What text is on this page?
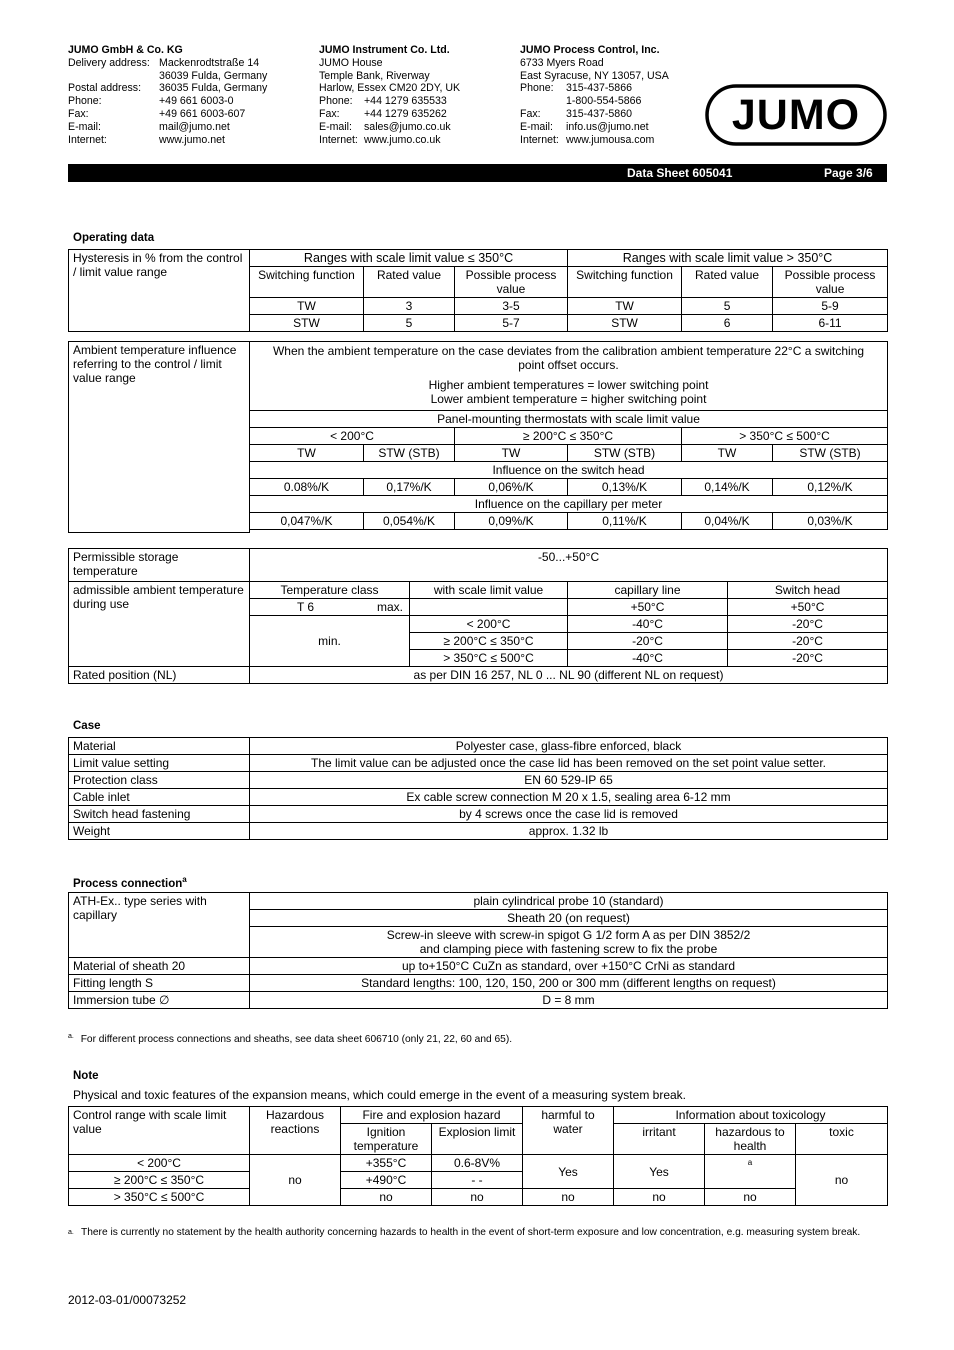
JUMO GmbH & Co. KG
Delivery address: Mackenrodtstraße 14
36039 Fulda, Germany
Postal address: 36035 Fulda, Germany
Phone:	+49 661 6003-0
Fax:	+49 661 6003-607
E-mail:	mail@jumo.net
Internet:	www.jumo.net
JUMO Instrument Co. Ltd.
JUMO House
Temple Bank, Riverway
Harlow, Essex CM20 2DY, UK
Phone: +44 1279 635533
Fax: +44 1279 635262
E-mail: sales@jumo.co.uk
Internet: www.jumo.co.uk
JUMO Process Control, Inc.
6733 Myers Road
East Syracuse, NY 13057, USA
Phone: 315-437-5866
1-800-554-5866
Fax: 315-437-5860
E-mail: info.us@jumo.net
Internet: www.jumousa.com
JUMO
Data Sheet 605041	Page 3/6
Operating data
Hysteresis in % from the control / limit value range	Ranges with scale limit value ≤ 350°C			Ranges with scale limit value > 350°C		
	Switching function	Rated value	Possible process value	Switching function	Rated value	Possible process value
	TW	3	3-5	TW	5	5-9
	STW	5	5-7	STW	6	6-11
Ambient temperature influence referring to the control / limit value range	When the ambient temperature on the case deviates from the calibration ambient temperature 22°C a switching point offset occurs.
Higher ambient temperatures = lower switching point
Lower ambient temperature = higher switching point					

	Panel-mounting thermostats with scale limit value					
	< 200°C		≥ 200°C ≤ 350°C		> 350°C ≤ 500°C	
	TW	STW (STB)	TW	STW (STB)	TW	STW (STB)
	Influence on the switch head					
	0.08%/K	0,17%/K	0,06%/K	0,13%/K	0,14%/K	0,12%/K
	Influence on the capillary per meter					
	0,047%/K	0,054%/K	0,09%/K	0,11%/K	0,04%/K	0,03%/K

Permissible storage temperature	-50...+50°C			
admissible ambient temperature during use	Temperature class	with scale limit value	capillary line	Switch head
	T 6 max.		+50°C	+50°C
	min.	< 200°C	-40°C	-20°C
		≥ 200°C ≤ 350°C	-20°C	-20°C
		> 350°C ≤ 500°C	-40°C	-20°C
Rated position (NL)	as per DIN 16 257, NL 0 ... NL 90 (different NL on request)			
Case
Material	Polyester case, glass-fibre enforced, black
Limit value setting	The limit value can be adjusted once the case lid has been removed on the set point value setter.
Protection class	EN 60 529-IP 65
Cable inlet	Ex cable screw connection M 20 x 1.5, sealing area 6-12 mm
Switch head fastening	by 4 screws once the case lid is removed
Weight	approx. 1.32 lb
Process connection$^a$
ATH-Ex.. type series with capillary	plain cylindrical probe 10 (standard)
	Sheath 20 (on request)

	Screw-in sleeve with screw-in spigot G 1/2 form A as per DIN 3852/2
and clamping piece with fastening screw to fix the probe

Material of sheath 20	up to+150°C CuZn as standard, over +150°C CrNi as standard
Fitting length S	Standard lengths: 100, 120, 150, 200 or 300 mm (different lengths on request)
Immersion tube ∅	D = 8 mm
$^{a.}$ For different process connections and sheaths, see data sheet 606710 (only 21, 22, 60 and 65).
Note
Physical and toxic features of the expansion means, which could emerge in the event of a measuring system break.
Control range with scale limit value	Hazardous reactions	Fire and explosion hazard		harmful to water	Information about toxicology		
		Ignition temperature	Explosion limit		irritant	hazardous to health	toxic
< 200°C	no	+355°C	0.6-8V%	Yes	Yes	$^a$	no
≥ 200°C ≤ 350°C		+490°C	- -				
> 350°C ≤ 500°C		no	no	no	no	no	
a. There is currently no statement by the health authority concerning hazards to health in the event of short-term exposure and low concentration, e.g. measuring system break.
2012-03-01/00073252
